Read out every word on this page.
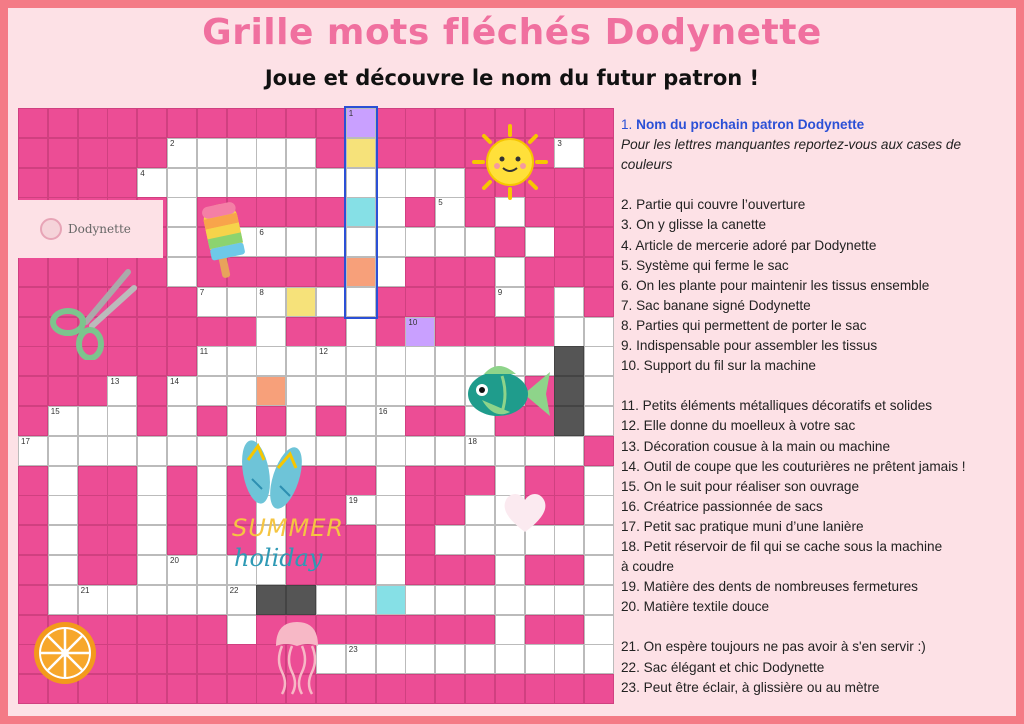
Grille mots fléchés Dodynette
Joue et découvre le nom du futur patron !
1
2	3
4
5
6
7	8	9
10
11	12
13	14
15	16
17	18
19
20
21	22
23
Dodynette
SUMMER
holiday
1. Nom du prochain patron Dodynette
Pour les lettres manquantes reportez-vous aux cases de couleurs
2. Partie qui couvre l’ouverture
3. On y glisse la canette
4. Article de mercerie adoré par Dodynette
5. Système qui ferme le sac
6. On les plante pour maintenir les tissus ensemble
7. Sac banane signé Dodynette
8. Parties qui permettent de porter le sac
9. Indispensable pour assembler les tissus
10. Support du fil sur la machine
11. Petits éléments métalliques décoratifs et solides
12. Elle donne du moelleux à votre sac
13. Décoration cousue à la main ou machine
14. Outil de coupe que les couturières ne prêtent jamais !
15. On le suit pour réaliser son ouvrage
16. Créatrice passionnée de sacs
17. Petit sac pratique muni d’une lanière
18. Petit réservoir de fil qui se cache sous la machine
à coudre
19. Matière des dents de nombreuses fermetures
20. Matière textile douce
21. On espère toujours ne pas avoir à s'en servir :)
22. Sac élégant et chic Dodynette
23. Peut être éclair, à glissière ou au mètre
